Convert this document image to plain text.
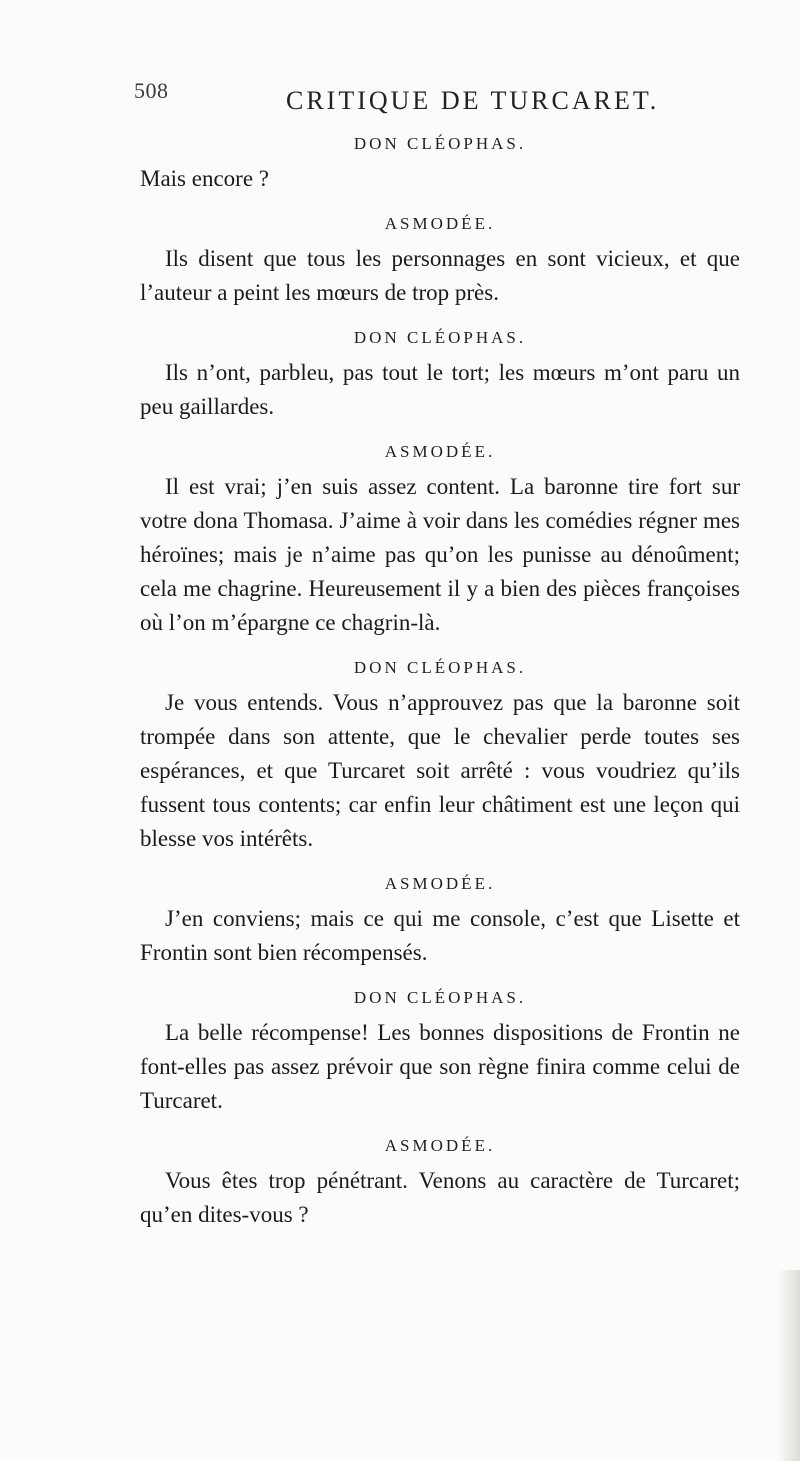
508	CRITIQUE DE TURCARET.
DON CLÉOPHAS.

Mais encore ?

ASMODÉE.

Ils disent que tous les personnages en sont vicieux, et que l’auteur a peint les mœurs de trop près.

DON CLÉOPHAS.

Ils n’ont, parbleu, pas tout le tort; les mœurs m’ont paru un peu gaillardes.

ASMODÉE.

Il est vrai; j’en suis assez content. La baronne tire fort sur votre dona Thomasa. J’aime à voir dans les comédies régner mes héroïnes; mais je n’aime pas qu’on les punisse au dénoûment; cela me chagrine. Heureusement il y a bien des pièces françoises où l’on m’épargne ce chagrin-là.

DON CLÉOPHAS.

Je vous entends. Vous n’approuvez pas que la baronne soit trompée dans son attente, que le chevalier perde toutes ses espérances, et que Turcaret soit arrêté : vous voudriez qu’ils fussent tous contents; car enfin leur châtiment est une leçon qui blesse vos intérêts.

ASMODÉE.

J’en conviens; mais ce qui me console, c’est que Lisette et Frontin sont bien récompensés.

DON CLÉOPHAS.

La belle récompense! Les bonnes dispositions de Frontin ne font-elles pas assez prévoir que son règne finira comme celui de Turcaret.

ASMODÉE.

Vous êtes trop pénétrant. Venons au caractère de Turcaret; qu’en dites-vous ?
